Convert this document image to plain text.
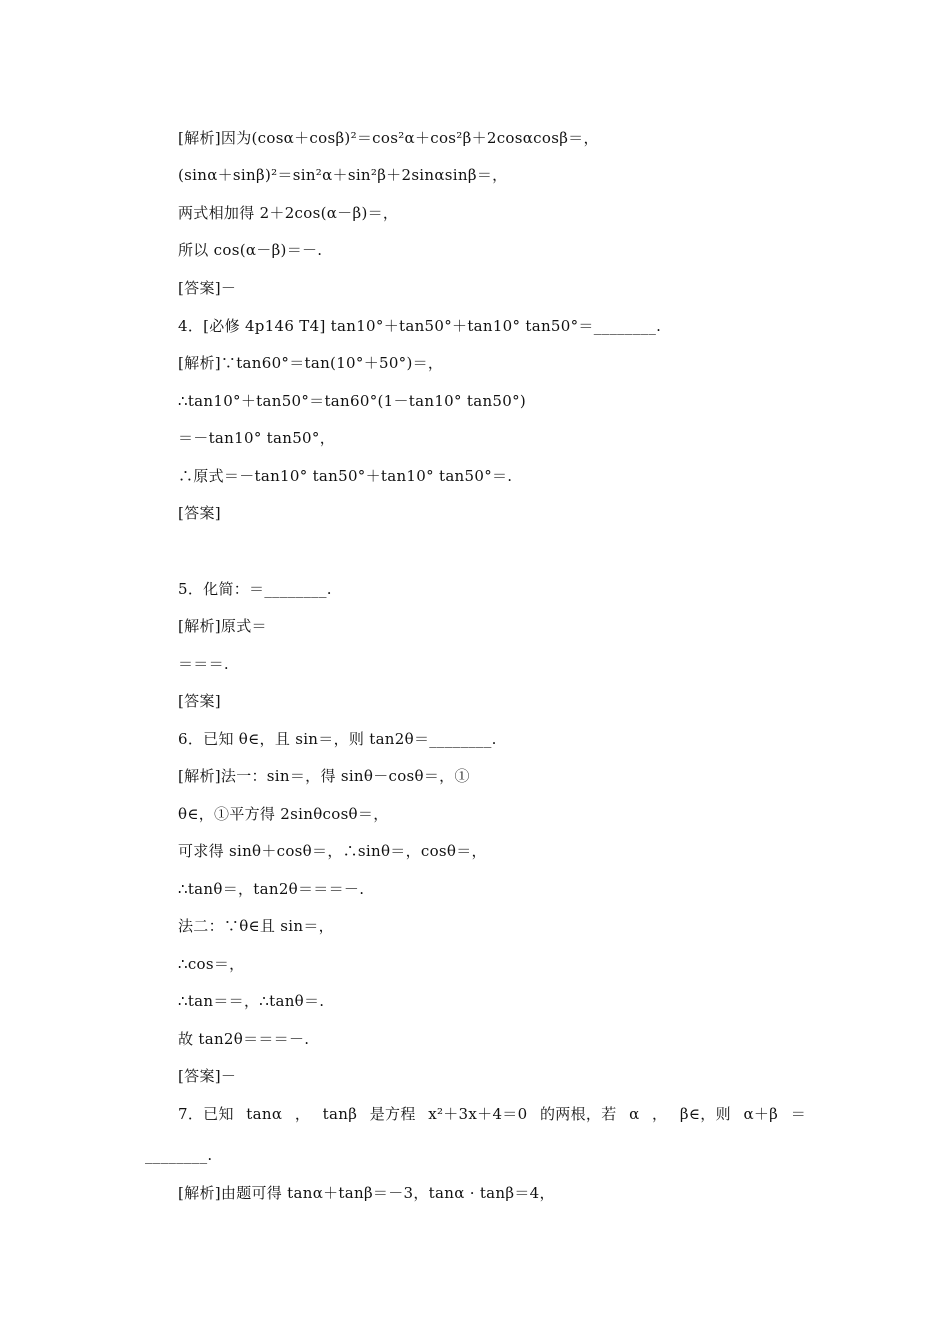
[解析]因为(cosα＋cosβ)²＝cos²α＋cos²β＋2cosαcosβ＝，
(sinα＋sinβ)²＝sin²α＋sin²β＋2sinαsinβ＝，
两式相加得 2＋2cos(α－β)＝，
所以 cos(α－β)＝－.
[答案]－
4．[必修 4p146 T4] tan10°＋tan50°＋tan10° tan50°＝________.
[解析]∵tan60°＝tan(10°＋50°)＝，
∴tan10°＋tan50°＝tan60°(1－tan10° tan50°)
＝－tan10° tan50°，
∴原式＝－tan10° tan50°＋tan10° tan50°＝.
[答案]
5．化简：＝________.
[解析]原式＝
＝＝＝.
[答案]
6．已知 θ∈，且 sin＝，则 tan2θ＝________.
[解析]法一：sin＝，得 sinθ－cosθ＝，①
θ∈，①平方得 2sinθcosθ＝，
可求得 sinθ＋cosθ＝，∴sinθ＝，cosθ＝，
∴tanθ＝，tan2θ＝＝＝－.
法二：∵θ∈且 sin＝，
∴cos＝，
∴tan＝＝，∴tanθ＝.
故 tan2θ＝＝＝－.
[答案]－
7．已知 tanα ， tanβ 是方程 x²＋3x＋4＝0 的两根，若 α ， β∈，则 α＋β ＝
________.
[解析]由题可得 tanα＋tanβ＝－3，tanα · tanβ＝4，
